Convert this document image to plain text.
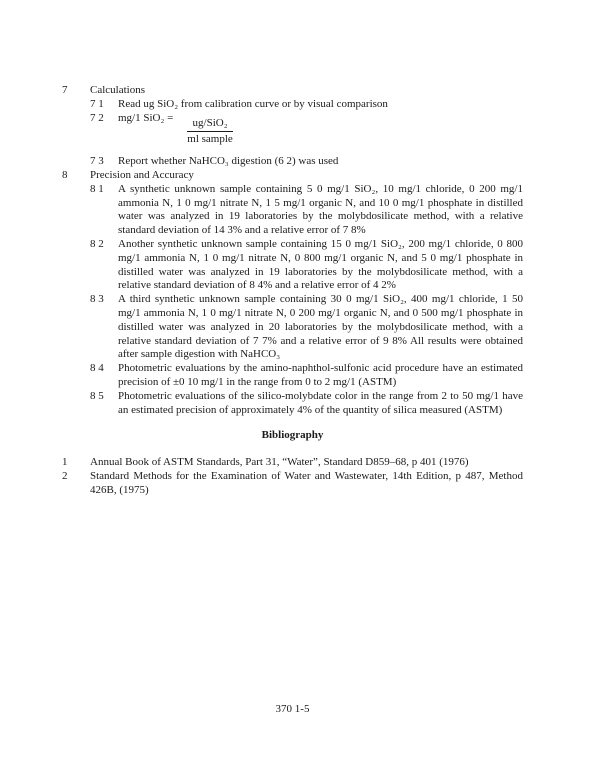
7	Calculations
7 1	Read ug SiO₂ from calibration curve or by visual comparison
7 2	mg/1 $SiO_2 = \frac{\text{ug/SiO₂}}{\text{ml sample}}$
7 3	Report whether NaHCO₃ digestion (6 2) was used
8	Precision and Accuracy
8 1	A synthetic unknown sample containing 5 0 mg/1 SiO₂, 10 mg/1 chloride, 0 200 mg/1 ammonia N, 1 0 mg/1 nitrate N, 1 5 mg/1 organic N, and 10 0 mg/1 phosphate in distilled water was analyzed in 19 laboratories by the molybdosilicate method, with a relative standard deviation of 14 3% and a relative error of 7 8%
8 2	Another synthetic unknown sample containing 15 0 mg/1 SiO₂, 200 mg/1 chloride, 0 800 mg/1 ammonia N, 1 0 mg/1 nitrate N, 0 800 mg/1 organic N, and 5 0 mg/1 phosphate in distilled water was analyzed in 19 laboratories by the molybdosilicate method, with a relative standard deviation of 8 4% and a relative error of 4 2%
8 3	A third synthetic unknown sample containing 30 0 mg/1 SiO₂, 400 mg/1 chloride, 1 50 mg/1 ammonia N, 1 0 mg/1 nitrate N, 0 200 mg/1 organic N, and 0 500 mg/1 phosphate in distilled water was analyzed in 20 laboratories by the molybdosilicate method, with a relative standard deviation of 7 7% and a relative error of 9 8% All results were obtained after sample digestion with NaHCO₃
8 4	Photometric evaluations by the amino-naphthol-sulfonic acid procedure have an estimated precision of ±0 10 mg/1 in the range from 0 to 2 mg/1 (ASTM)
8 5	Photometric evaluations of the silico-molybdate color in the range from 2 to 50 mg/1 have an estimated precision of approximately 4% of the quantity of silica measured (ASTM)
Bibliography
1	Annual Book of ASTM Standards, Part 31, “Water”, Standard D859–68, p 401 (1976)
2	Standard Methods for the Examination of Water and Wastewater, 14th Edition, p 487, Method 426B, (1975)
370 1-5
